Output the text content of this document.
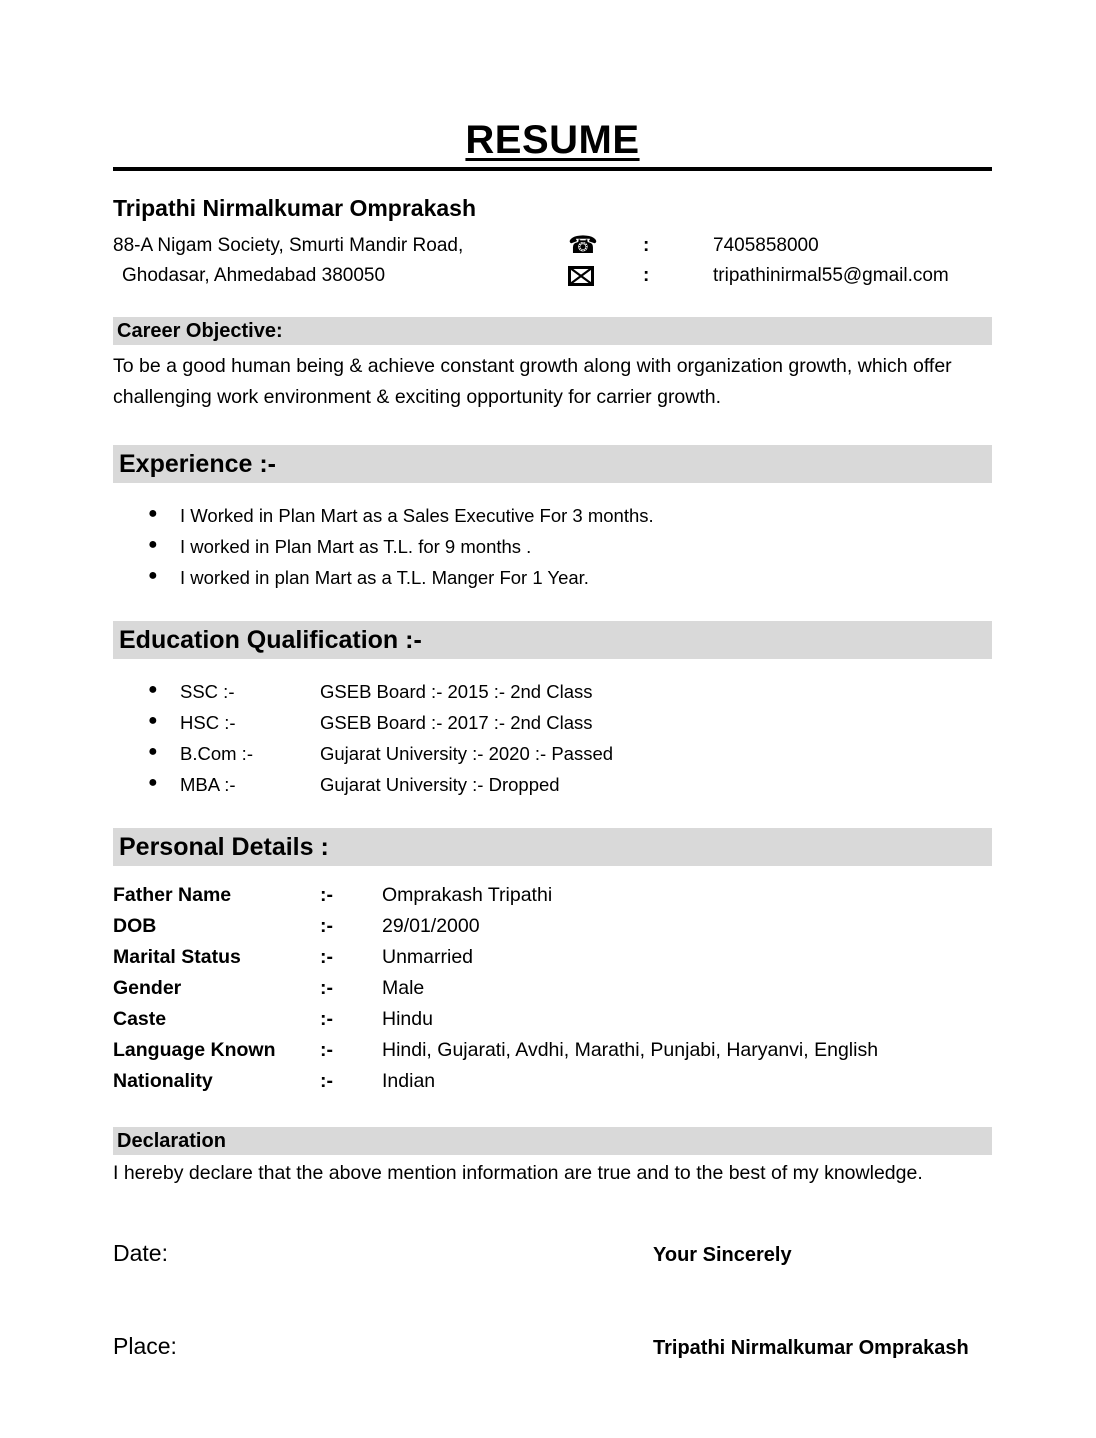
RESUME
Tripathi Nirmalkumar Omprakash
88-A Nigam Society, Smurti Mandir Road,	☎	:	7405858000
Ghodasar, Ahmedabad 380050	:	tripathinirmal55@gmail.com
Career Objective:

To be a good human being & achieve constant growth along with organization growth, which offer challenging work environment & exciting opportunity for carrier growth.

Experience :-
●	I Worked in Plan Mart as a Sales Executive For 3 months.
●	I worked in Plan Mart as T.L. for 9 months .
●	I worked in plan Mart as a T.L. Manger For 1 Year.
Education Qualification :-
●	SSC :-	GSEB Board :- 2015 :- 2nd Class
●	HSC :-	GSEB Board :- 2017 :- 2nd Class
●	B.Com :-	Gujarat University :- 2020 :- Passed
●	MBA :-	Gujarat University :- Dropped
Personal Details :
Father Name	:-	Omprakash Tripathi
DOB	:-	29/01/2000
Marital Status	:-	Unmarried
Gender	:-	Male
Caste	:-	Hindu
Language Known	:-	Hindi, Gujarati, Avdhi, Marathi, Punjabi, Haryanvi, English
Nationality	:-	Indian
Declaration

I hereby declare that the above mention information are true and to the best of my knowledge.

Date:	Your Sincerely
Place:	Tripathi Nirmalkumar Omprakash
